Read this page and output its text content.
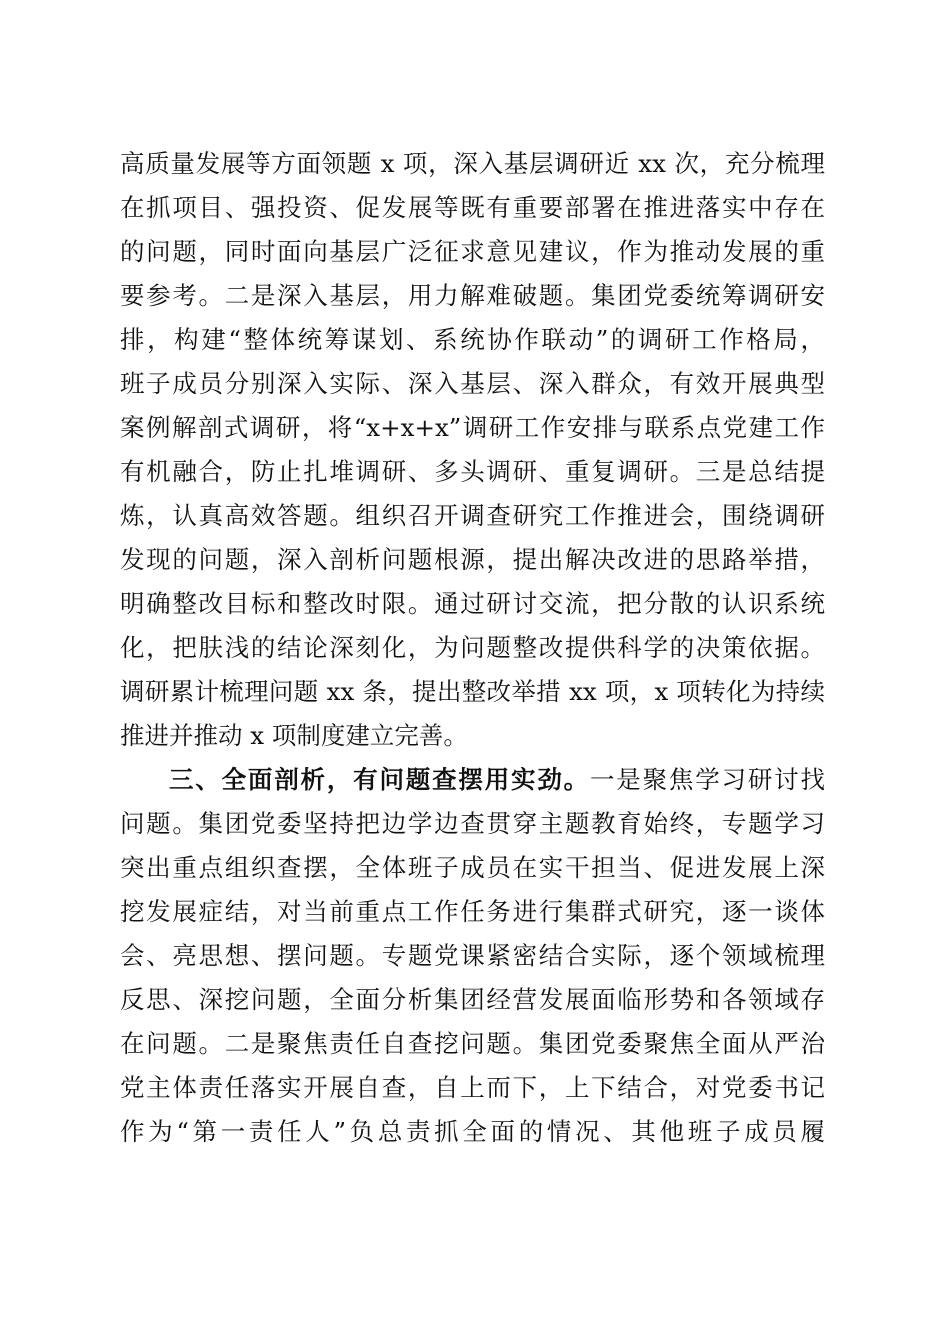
高质量发展等方面领题 x 项，深入基层调研近 xx 次，充分梳理
在抓项目、强投资、促发展等既有重要部署在推进落实中存在
的问题，同时面向基层广泛征求意见建议，作为推动发展的重
要参考。二是深入基层，用力解难破题。集团党委统筹调研安
排，构建“整体统筹谋划、系统协作联动”的调研工作格局，
班子成员分别深入实际、深入基层、深入群众，有效开展典型
案例解剖式调研，将“x+x+x”调研工作安排与联系点党建工作
有机融合，防止扎堆调研、多头调研、重复调研。三是总结提
炼，认真高效答题。组织召开调查研究工作推进会，围绕调研
发现的问题，深入剖析问题根源，提出解决改进的思路举措，
明确整改目标和整改时限。通过研讨交流，把分散的认识系统
化，把肤浅的结论深刻化，为问题整改提供科学的决策依据。
调研累计梳理问题 xx 条，提出整改举措 xx 项，x 项转化为持续
推进并推动 x 项制度建立完善。
三、全面剖析，有问题查摆用实劲。一是聚焦学习研讨找
问题。集团党委坚持把边学边查贯穿主题教育始终，专题学习
突出重点组织查摆，全体班子成员在实干担当、促进发展上深
挖发展症结，对当前重点工作任务进行集群式研究，逐一谈体
会、亮思想、摆问题。专题党课紧密结合实际，逐个领域梳理
反思、深挖问题，全面分析集团经营发展面临形势和各领域存
在问题。二是聚焦责任自查挖问题。集团党委聚焦全面从严治
党主体责任落实开展自查，自上而下，上下结合，对党委书记
作为“第一责任人”负总责抓全面的情况、其他班子成员履
